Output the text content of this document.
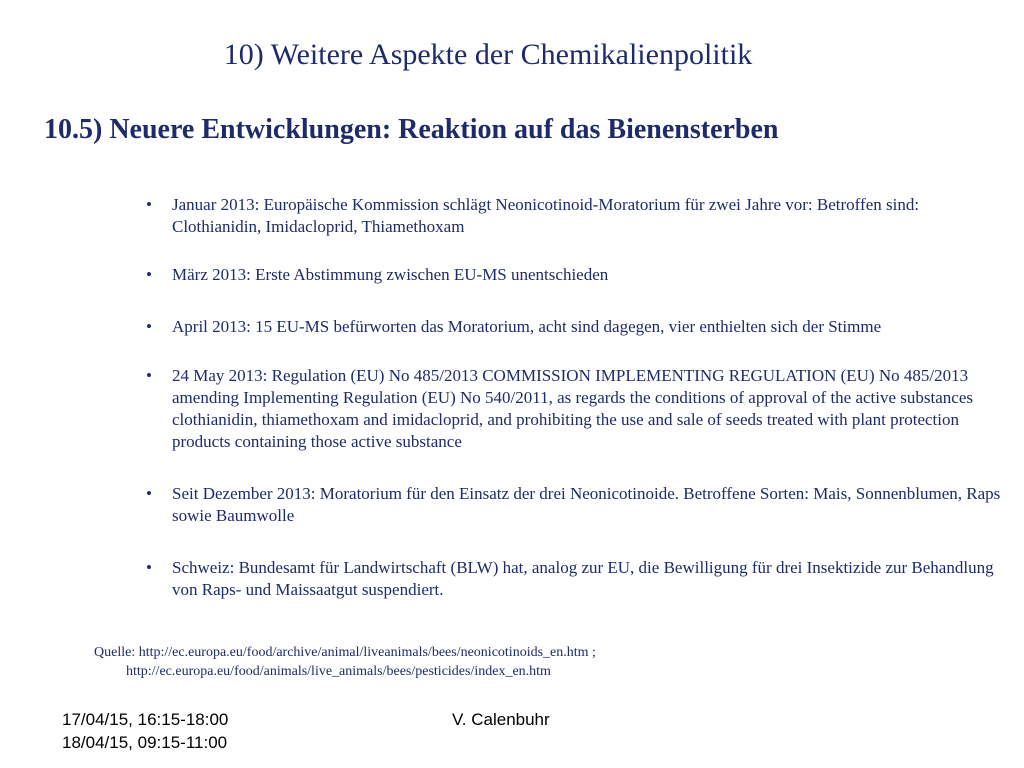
10) Weitere Aspekte der Chemikalienpolitik
10.5) Neuere Entwicklungen: Reaktion auf das Bienensterben
•	Januar 2013: Europäische Kommission schlägt Neonicotinoid-Moratorium für zwei Jahre vor: Betroffen sind: Clothianidin, Imidacloprid, Thiamethoxam
•	März 2013: Erste Abstimmung zwischen EU-MS unentschieden
•	April 2013: 15 EU-MS befürworten das Moratorium, acht sind dagegen, vier enthielten sich der Stimme
•	24 May 2013: Regulation (EU) No 485/2013 COMMISSION IMPLEMENTING REGULATION (EU) No 485/2013 amending Implementing Regulation (EU) No 540/2011, as regards the conditions of approval of the active substances clothianidin, thiamethoxam and imidacloprid, and prohibiting the use and sale of seeds treated with plant protection products containing those active substance
•	Seit Dezember 2013: Moratorium für den Einsatz der drei Neonicotinoide. Betroffene Sorten: Mais, Sonnenblumen, Raps sowie Baumwolle
•	Schweiz: Bundesamt für Landwirtschaft (BLW) hat, analog zur EU, die Bewilligung für drei Insektizide zur Behandlung von Raps- und Maissaatgut suspendiert.
Quelle: http://ec.europa.eu/food/archive/animal/liveanimals/bees/neonicotinoids_en.htm ;
http://ec.europa.eu/food/animals/live_animals/bees/pesticides/index_en.htm
17/04/15, 16:15-18:00
18/04/15, 09:15-11:00
V. Calenbuhr
